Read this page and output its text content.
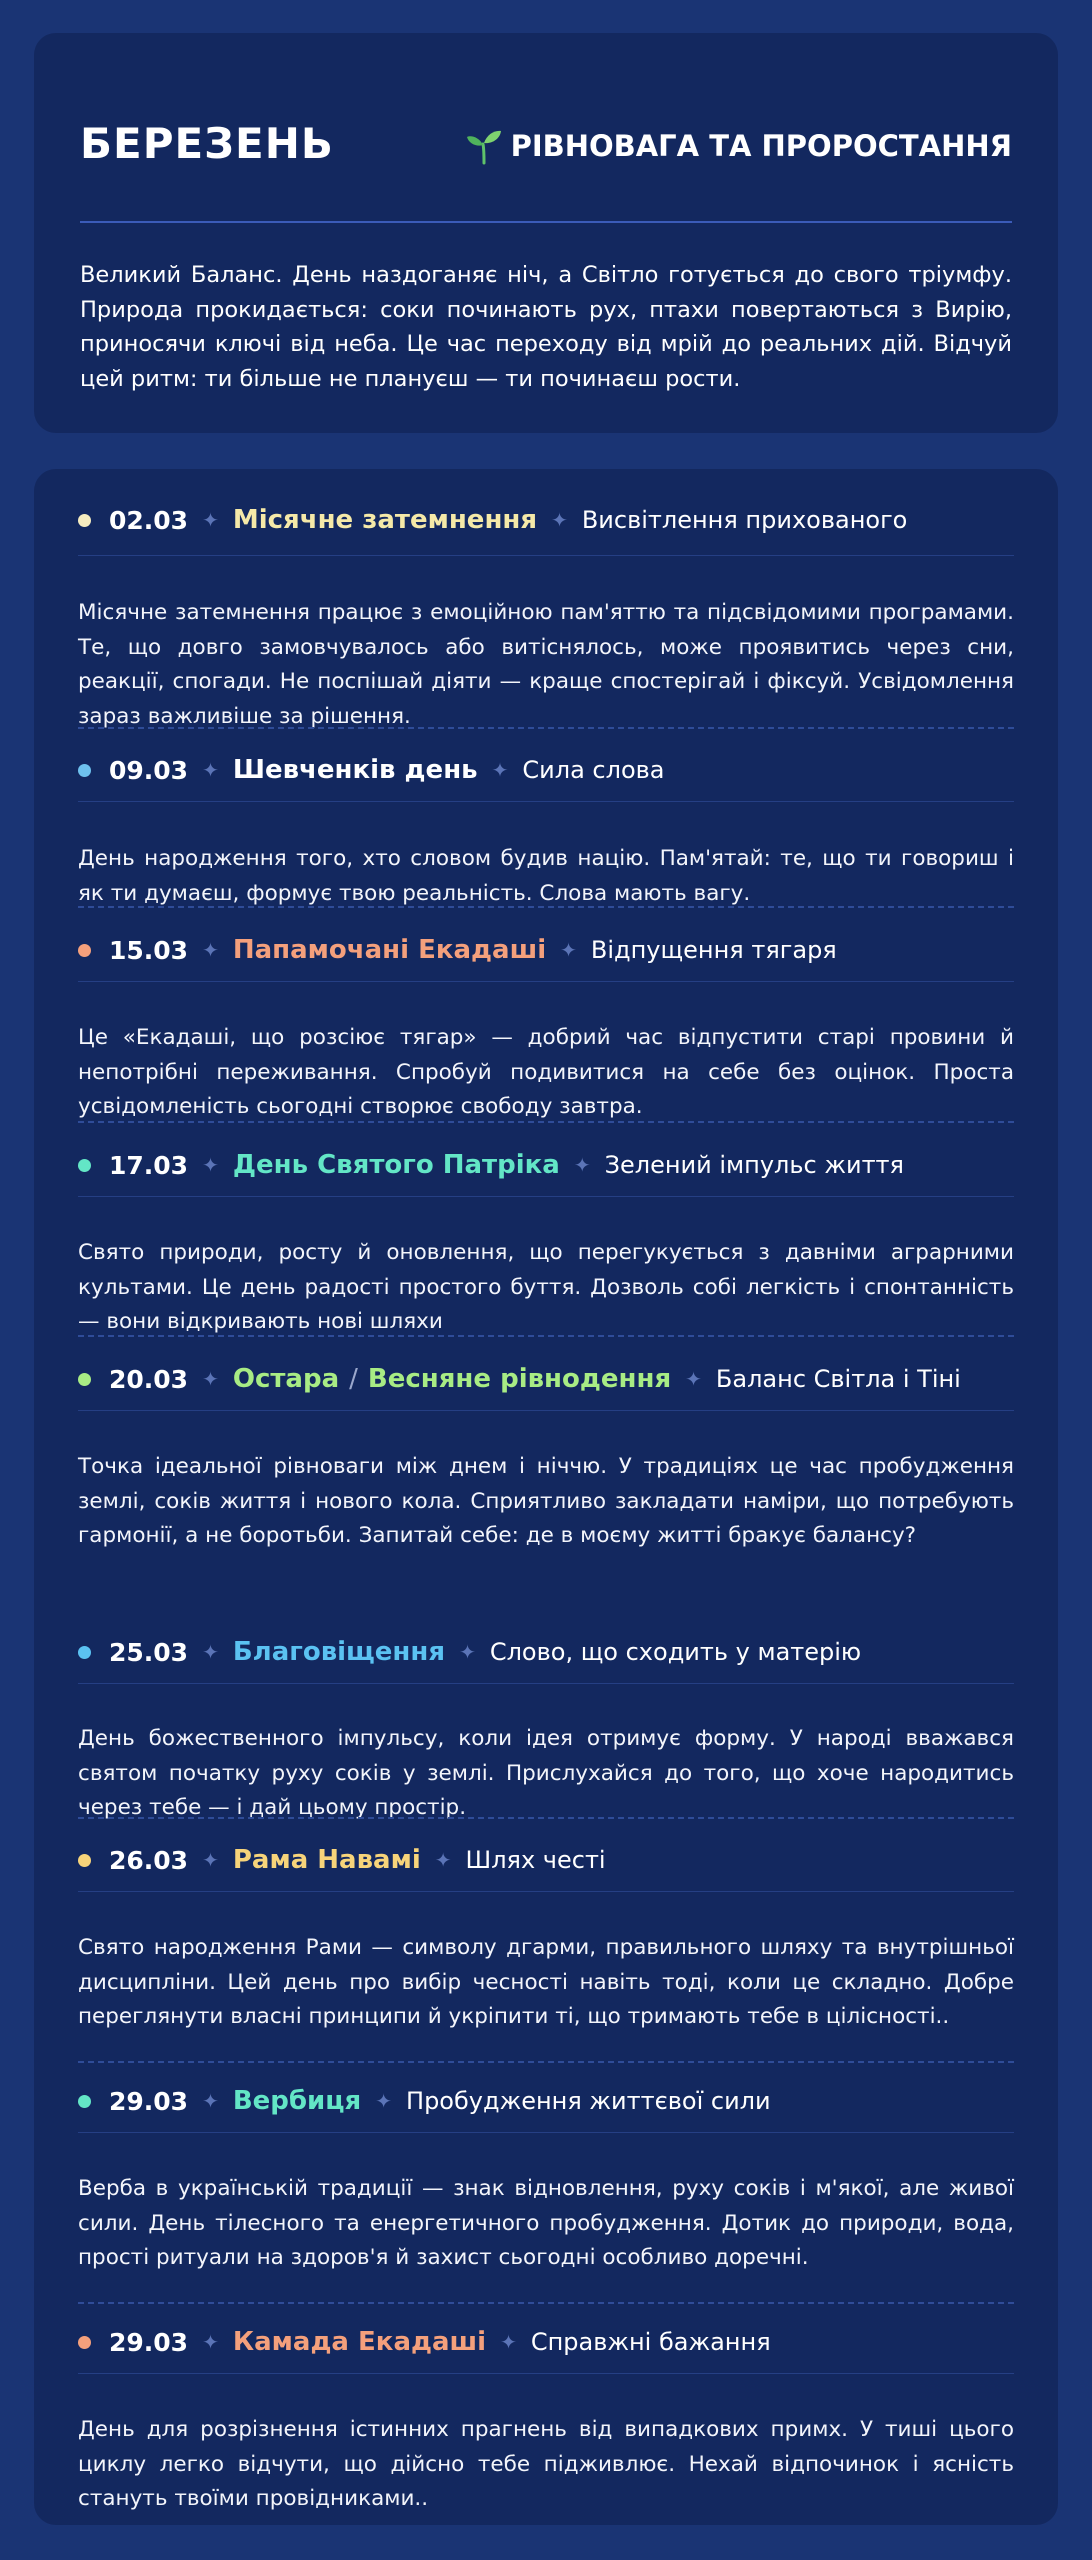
БЕРЕЗЕНЬ	РІВНОВАГА ТА ПРОРОСТАННЯ
Великий Баланс. День наздоганяє ніч, а Світло готується до свого тріумфу. Природа прокидається: соки починають рух, птахи повертаються з Вирію, приносячи ключі від неба. Це час переходу від мрій до реальних дій. Відчуй цей ритм: ти більше не плануєш — ти починаєш рости.
02.03 ✦ Місячне затемнення ✦ Висвітлення прихованого
Місячне затемнення працює з емоційною пам'яттю та підсвідомими програмами. Те, що довго замовчувалось або витіснялось, може проявитись через сни, реакції, спогади. Не поспішай діяти — краще спостерігай і фіксуй. Усвідомлення зараз важливіше за рішення.
09.03 ✦ Шевченків день ✦ Сила слова
День народження того, хто словом будив націю. Пам'ятай: те, що ти говориш і як ти думаєш, формує твою реальність. Слова мають вагу.
15.03 ✦ Папамочані Екадаші ✦ Відпущення тягаря
Це «Екадаші, що розсіює тягар» — добрий час відпустити старі провини й непотрібні переживання. Спробуй подивитися на себе без оцінок. Проста усвідомленість сьогодні створює свободу завтра.
17.03 ✦ День Святого Патріка ✦ Зелений імпульс життя
Свято природи, росту й оновлення, що перегукується з давніми аграрними культами. Це день радості простого буття. Дозволь собі легкість і спонтанність — вони відкривають нові шляхи
20.03 ✦ Остара / Весняне рівнодення ✦ Баланс Світла і Тіні
Точка ідеальної рівноваги між днем і ніччю. У традиціях це час пробудження землі, соків життя і нового кола. Сприятливо закладати наміри, що потребують гармонії, а не боротьби. Запитай себе: де в моєму житті бракує балансу?
25.03 ✦ Благовіщення ✦ Слово, що сходить у матерію
День божественного імпульсу, коли ідея отримує форму. У народі вважався святом початку руху соків у землі. Прислухайся до того, що хоче народитись через тебе — і дай цьому простір.
26.03 ✦ Рама Навамі ✦ Шлях честі
Свято народження Рами — символу дгарми, правильного шляху та внутрішньої дисципліни. Цей день про вибір чесності навіть тоді, коли це складно. Добре переглянути власні принципи й укріпити ті, що тримають тебе в цілісності..
29.03 ✦ Вербиця ✦ Пробудження життєвої сили
Верба в українській традиції — знак відновлення, руху соків і м'якої, але живої сили. День тілесного та енергетичного пробудження. Дотик до природи, вода, прості ритуали на здоров'я й захист сьогодні особливо доречні.
29.03 ✦ Камада Екадаші ✦ Справжні бажання
День для розрізнення істинних прагнень від випадкових примх. У тиші цього циклу легко відчути, що дійсно тебе підживлює. Нехай відпочинок і ясність стануть твоїми провідниками..
